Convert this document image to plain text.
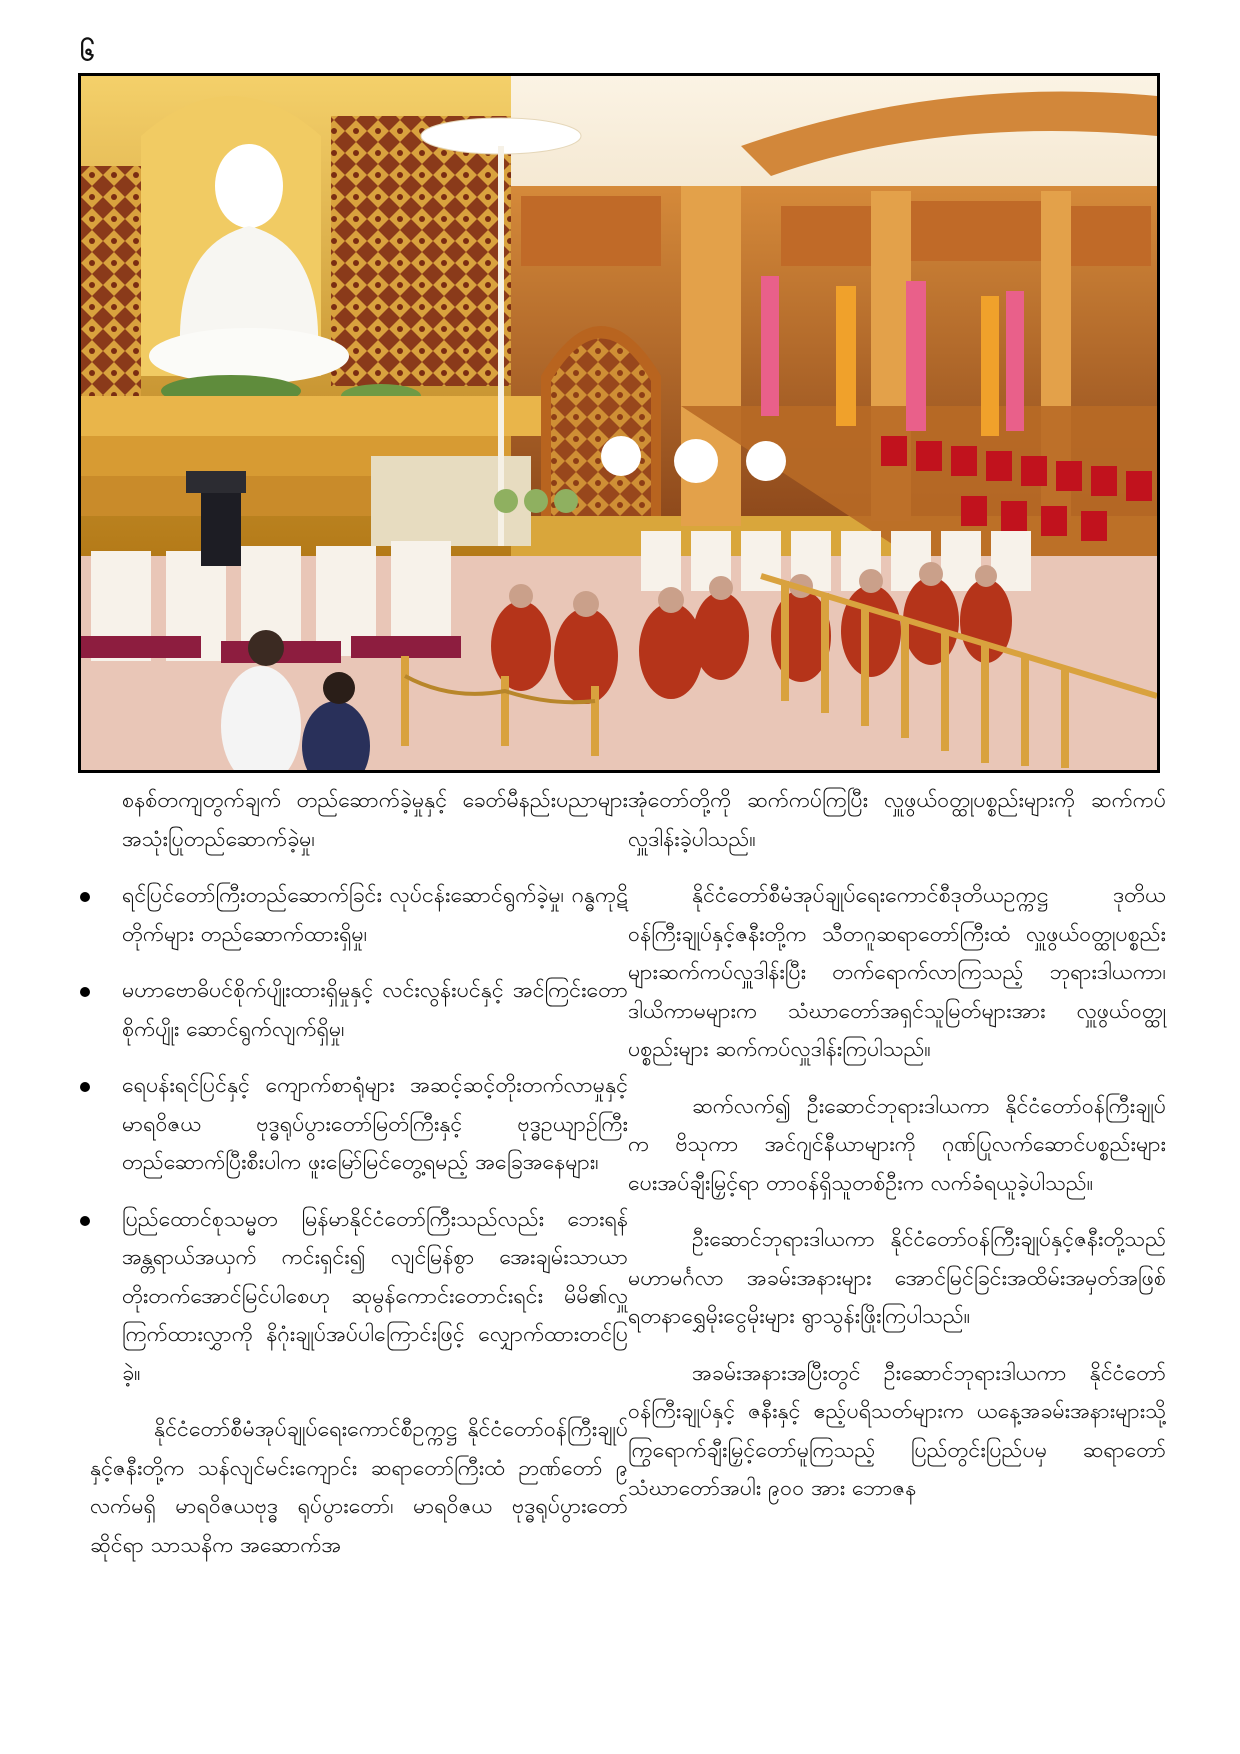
၆

စနစ်တကျတွက်ချက် တည်ဆောက်ခဲ့မှုနှင့် ခေတ်မီနည်းပညာများ အသုံးပြုတည်ဆောက်ခဲ့မှု၊

ရင်ပြင်တော်ကြီးတည်ဆောက်ခြင်း လုပ်ငန်းဆောင်ရွက်ခဲ့မှု၊ ဂန္ဓကုဋိတိုက်များ တည်ဆောက်ထားရှိမှု၊
မဟာဗောဓိပင်စိုက်ပျိုးထားရှိမှုနှင့် လင်းလွန်းပင်နှင့် အင်ကြင်းတောစိုက်ပျိုး ဆောင်ရွက်လျက်ရှိမှု၊
ရေပန်းရင်ပြင်နှင့် ကျောက်စာရုံများ အဆင့်ဆင့်တိုးတက်လာမှုနှင့် မာရဝိဇယ ဗုဒ္ဓရုပ်ပွားတော်မြတ်ကြီးနှင့် ဗုဒ္ဓဥယျာဉ်ကြီးတည်ဆောက်ပြီးစီးပါက ဖူးမြော်မြင်တွေ့ရမည့် အခြေအနေများ၊
ပြည်ထောင်စုသမ္မတ မြန်မာနိုင်ငံတော်ကြီးသည်လည်း ဘေးရန်အန္တရာယ်အယှက် ကင်းရှင်း၍ လျင်မြန်စွာ အေးချမ်းသာယာ တိုးတက်အောင်မြင်ပါစေဟု ဆုမွန်ကောင်းတောင်းရင်း မိမိ၏လှူကြက်ထားလွှာကို နိဂုံးချုပ်အပ်ပါကြောင်းဖြင့် လျှောက်ထားတင်ပြခဲ့။

နိုင်ငံတော်စီမံအုပ်ချုပ်ရေးကောင်စီဥက္ကဋ္ဌ နိုင်ငံတော်ဝန်ကြီးချုပ်နှင့်ဇနီးတို့က သန်လျင်မင်းကျောင်း ဆရာတော်ကြီးထံ ဉာဏ်တော် ၉ လက်မရှိ မာရဝိဇယဗုဒ္ဓ ရုပ်ပွားတော်၊ မာရဝိဇယ ဗုဒ္ဓရုပ်ပွားတော်ဆိုင်ရာ သာသနိက အဆောက်အ

အုံတော်တို့ကို ဆက်ကပ်ကြပြီး လှူဖွယ်ဝတ္ထုပစ္စည်းများကို ဆက်ကပ်လှူဒါန်းခဲ့ပါသည်။

နိုင်ငံတော်စီမံအုပ်ချုပ်ရေးကောင်စီဒုတိယဥက္ကဋ္ဌ ဒုတိယဝန်ကြီးချုပ်နှင့်ဇနီးတို့က သီတဂူဆရာတော်ကြီးထံ လှူဖွယ်ဝတ္ထုပစ္စည်းများဆက်ကပ်လှူဒါန်းပြီး တက်ရောက်လာကြသည့် ဘုရားဒါယကာ၊ ဒါယိကာမများက သံဃာတော်အရှင်သူမြတ်များအား လှူဖွယ်ဝတ္ထုပစ္စည်းများ ဆက်ကပ်လှူဒါန်းကြပါသည်။

ဆက်လက်၍ ဦးဆောင်ဘုရားဒါယကာ နိုင်ငံတော်ဝန်ကြီးချုပ်က ဗိသုကာ အင်ဂျင်နီယာများကို ဂုဏ်ပြုလက်ဆောင်ပစ္စည်းများ ပေးအပ်ချီးမြှင့်ရာ တာဝန်ရှိသူတစ်ဦးက လက်ခံရယူခဲ့ပါသည်။

ဦးဆောင်ဘုရားဒါယကာ နိုင်ငံတော်ဝန်ကြီးချုပ်နှင့်ဇနီးတို့သည် မဟာမင်္ဂလာ အခမ်းအနားများ အောင်မြင်ခြင်းအထိမ်းအမှတ်အဖြစ် ရတနာရွှေမိုးငွေမိုးများ ရွာသွန်းဖြိုးကြပါသည်။

အခမ်းအနားအပြီးတွင် ဦးဆောင်ဘုရားဒါယကာ နိုင်ငံတော်ဝန်ကြီးချုပ်နှင့် ဇနီးနှင့် ဧည့်ပရိသတ်များက ယနေ့အခမ်းအနားများသို့ ကြွရောက်ချီးမြှင့်တော်မူကြသည့် ပြည်တွင်းပြည်ပမှ ဆရာတော် သံဃာတော်အပါး ၉၀၀ အား ဘောဇန
